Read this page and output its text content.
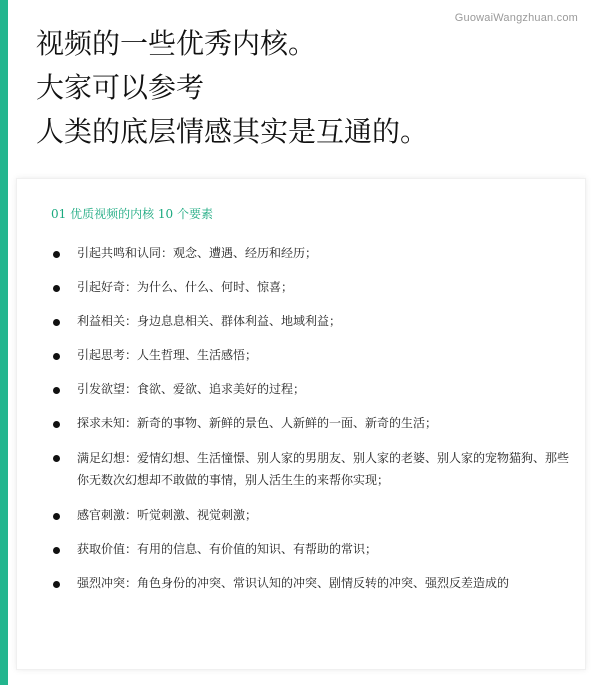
GuowaiWangzhuan.com
视频的一些优秀内核。
大家可以参考
人类的底层情感其实是互通的。
01 优质视频的内核 10 个要素
引起共鸣和认同：观念、遭遇、经历和经历；
引起好奇：为什么、什么、何时、惊喜；
利益相关：身边息息相关、群体利益、地域利益；
引起思考：人生哲理、生活感悟；
引发欲望：食欲、爱欲、追求美好的过程；
探求未知：新奇的事物、新鲜的景色、人新鲜的一面、新奇的生活；
满足幻想：爱情幻想、生活憧憬、别人家的男朋友、别人家的老婆、别人家的宠物猫狗、那些你无数次幻想却不敢做的事情，别人活生生的来帮你实现；
感官刺激：听觉刺激、视觉刺激；
获取价值：有用的信息、有价值的知识、有帮助的常识；
强烈冲突：角色身份的冲突、常识认知的冲突、剧情反转的冲突、强烈反差造成的
